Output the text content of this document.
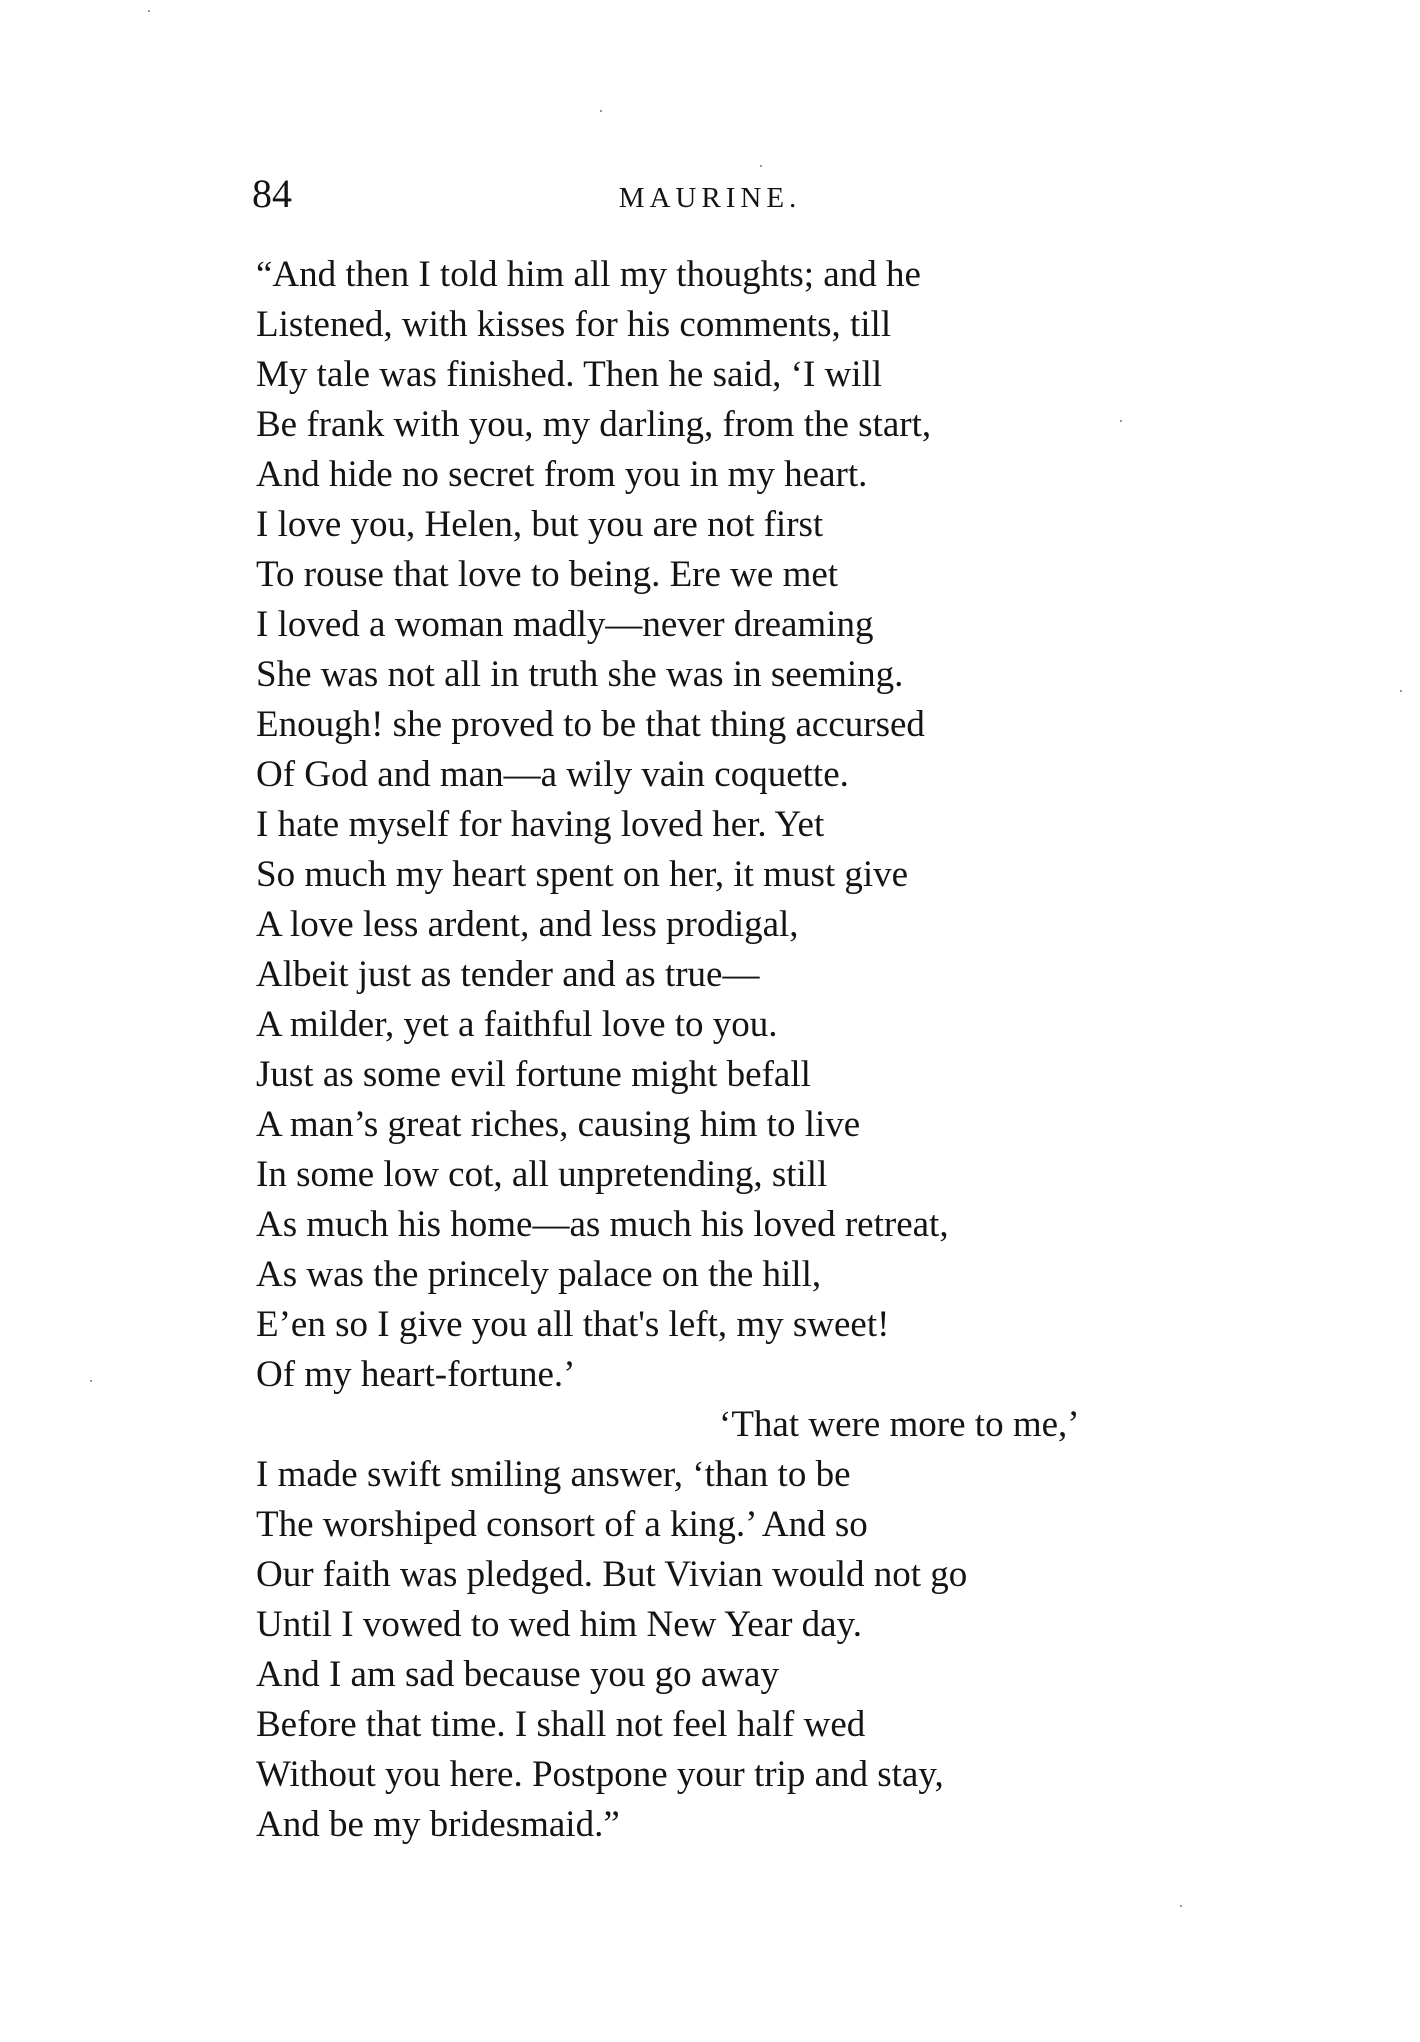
84	MAURINE.
“And then I told him all my thoughts; and he
Listened, with kisses for his comments, till
My tale was finished. Then he said, ‘I will
Be frank with you, my darling, from the start,
And hide no secret from you in my heart.
I love you, Helen, but you are not first
To rouse that love to being. Ere we met
I loved a woman madly—never dreaming
She was not all in truth she was in seeming.
Enough! she proved to be that thing accursed
Of God and man—a wily vain coquette.
I hate myself for having loved her. Yet
So much my heart spent on her, it must give
A love less ardent, and less prodigal,
Albeit just as tender and as true—
A milder, yet a faithful love to you.
Just as some evil fortune might befall
A man’s great riches, causing him to live
In some low cot, all unpretending, still
As much his home—as much his loved retreat,
As was the princely palace on the hill,
E’en so I give you all that's left, my sweet!
Of my heart-fortune.’
‘That were more to me,’
I made swift smiling answer, ‘than to be
The worshiped consort of a king.’ And so
Our faith was pledged. But Vivian would not go
Until I vowed to wed him New Year day.
And I am sad because you go away
Before that time. I shall not feel half wed
Without you here. Postpone your trip and stay,
And be my bridesmaid.”
